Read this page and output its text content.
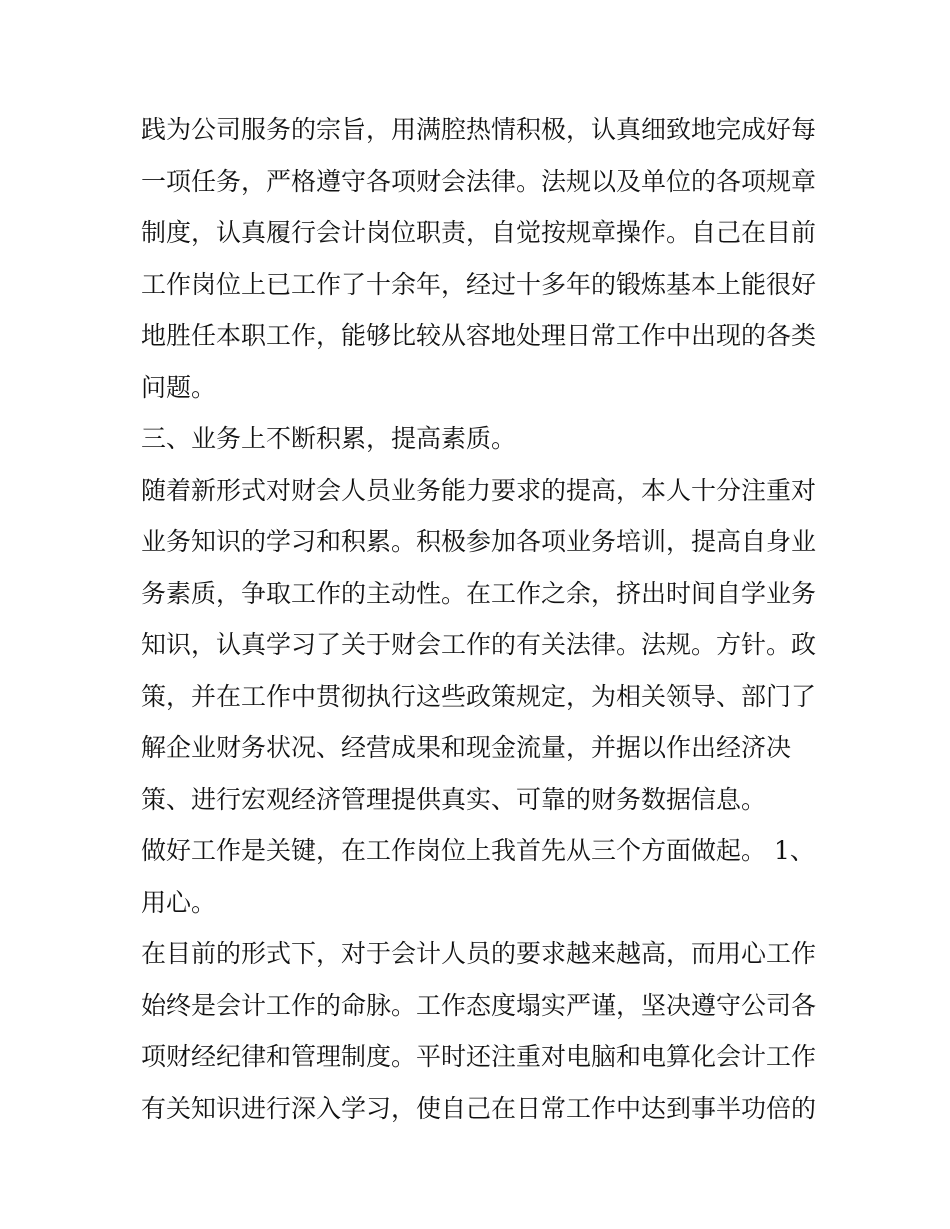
践为公司服务的宗旨，用满腔热情积极，认真细致地完成好每
一项任务，严格遵守各项财会法律。法规以及单位的各项规章
制度，认真履行会计岗位职责，自觉按规章操作。自己在目前
工作岗位上已工作了十余年，经过十多年的锻炼基本上能很好
地胜任本职工作，能够比较从容地处理日常工作中出现的各类
问题。
三、业务上不断积累，提高素质。
随着新形式对财会人员业务能力要求的提高，本人十分注重对
业务知识的学习和积累。积极参加各项业务培训，提高自身业
务素质，争取工作的主动性。在工作之余，挤出时间自学业务
知识，认真学习了关于财会工作的有关法律。法规。方针。政
策，并在工作中贯彻执行这些政策规定，为相关领导、部门了
解企业财务状况、经营成果和现金流量，并据以作出经济决
策、进行宏观经济管理提供真实、可靠的财务数据信息。
做好工作是关键，在工作岗位上我首先从三个方面做起。 1、
用心。
在目前的形式下，对于会计人员的要求越来越高，而用心工作
始终是会计工作的命脉。工作态度塌实严谨，坚决遵守公司各
项财经纪律和管理制度。平时还注重对电脑和电算化会计工作
有关知识进行深入学习，使自己在日常工作中达到事半功倍的
